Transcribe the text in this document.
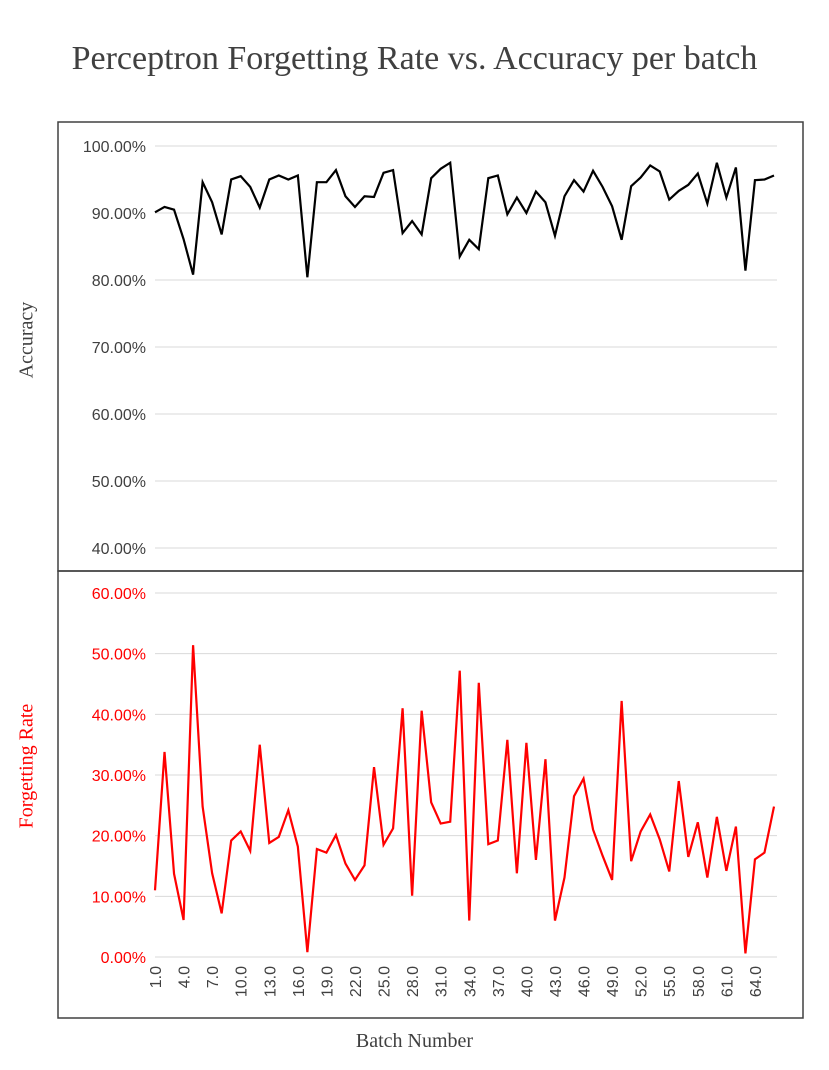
Perceptron Forgetting Rate vs. Accuracy per batch
40.00%
50.00%
60.00%
70.00%
80.00%
90.00%
100.00%
0.00%
10.00%
20.00%
30.00%
40.00%
50.00%
60.00%
1.0 4.0 7.0 10.0 13.0 16.0 19.0 22.0 25.0 28.0 31.0 34.0 37.0 40.0 43.0 46.0 49.0 52.0 55.0 58.0 61.0 64.0
Accuracy
Forgetting Rate
Batch Number
